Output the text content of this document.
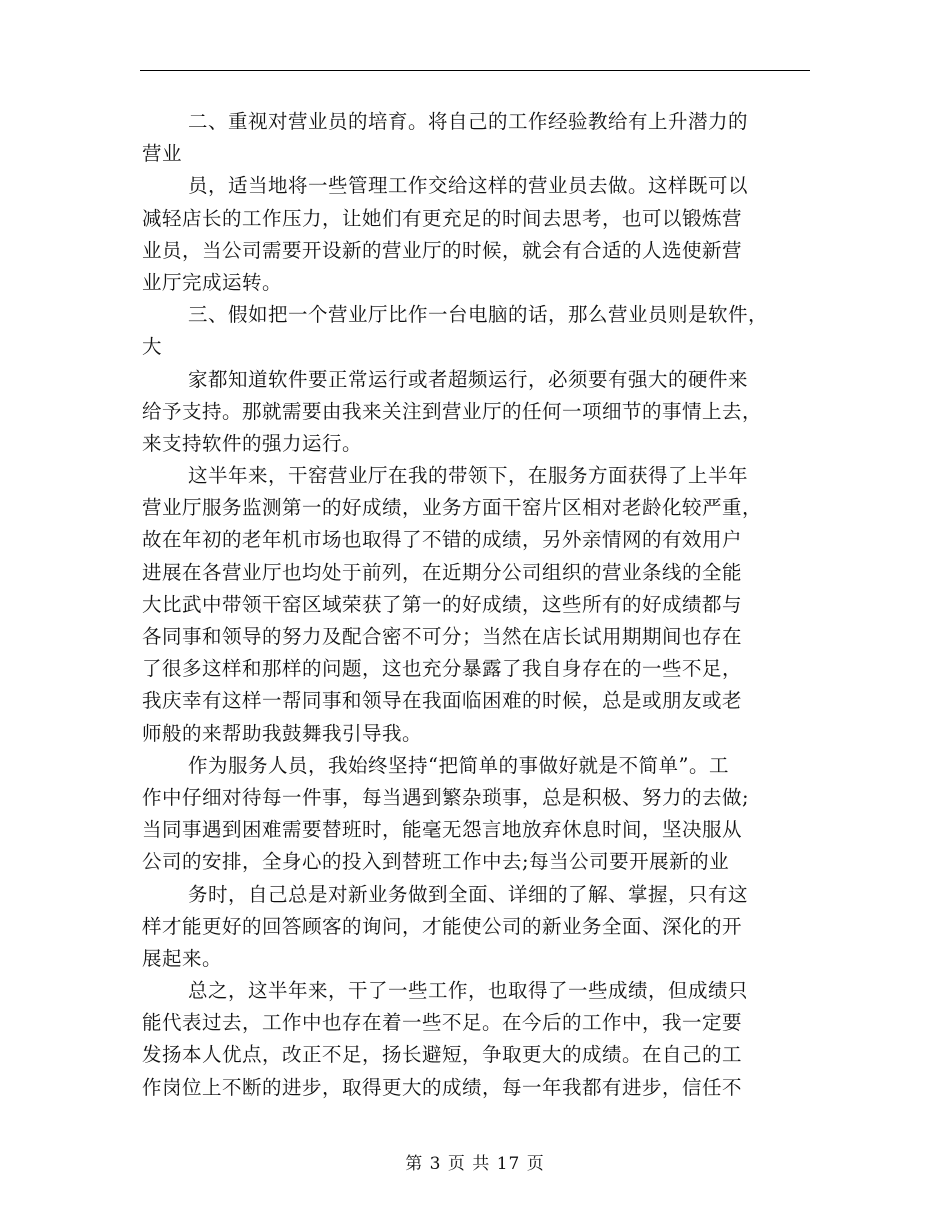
二、重视对营业员的培育。将自己的工作经验教给有上升潜力的
营业
员，适当地将一些管理工作交给这样的营业员去做。这样既可以
减轻店长的工作压力，让她们有更充足的时间去思考，也可以锻炼营
业员，当公司需要开设新的营业厅的时候，就会有合适的人选使新营
业厅完成运转。
三、假如把一个营业厅比作一台电脑的话，那么营业员则是软件，
大
家都知道软件要正常运行或者超频运行，必须要有强大的硬件来
给予支持。那就需要由我来关注到营业厅的任何一项细节的事情上去，
来支持软件的强力运行。
这半年来，干窑营业厅在我的带领下，在服务方面获得了上半年
营业厅服务监测第一的好成绩，业务方面干窑片区相对老龄化较严重，
故在年初的老年机市场也取得了不错的成绩，另外亲情网的有效用户
进展在各营业厅也均处于前列，在近期分公司组织的营业条线的全能
大比武中带领干窑区域荣获了第一的好成绩，这些所有的好成绩都与
各同事和领导的努力及配合密不可分；当然在店长试用期期间也存在
了很多这样和那样的问题，这也充分暴露了我自身存在的一些不足，
我庆幸有这样一帮同事和领导在我面临困难的时候，总是或朋友或老
师般的来帮助我鼓舞我引导我。
作为服务人员，我始终坚持“把简单的事做好就是不简单”。工
作中仔细对待每一件事，每当遇到繁杂琐事，总是积极、努力的去做;
当同事遇到困难需要替班时，能毫无怨言地放弃休息时间，坚决服从
公司的安排，全身心的投入到替班工作中去;每当公司要开展新的业
务时，自己总是对新业务做到全面、详细的了解、掌握，只有这
样才能更好的回答顾客的询问，才能使公司的新业务全面、深化的开
展起来。
总之，这半年来，干了一些工作，也取得了一些成绩，但成绩只
能代表过去，工作中也存在着一些不足。在今后的工作中，我一定要
发扬本人优点，改正不足，扬长避短，争取更大的成绩。在自己的工
作岗位上不断的进步，取得更大的成绩，每一年我都有进步，信任不
第 3 页 共 17 页
